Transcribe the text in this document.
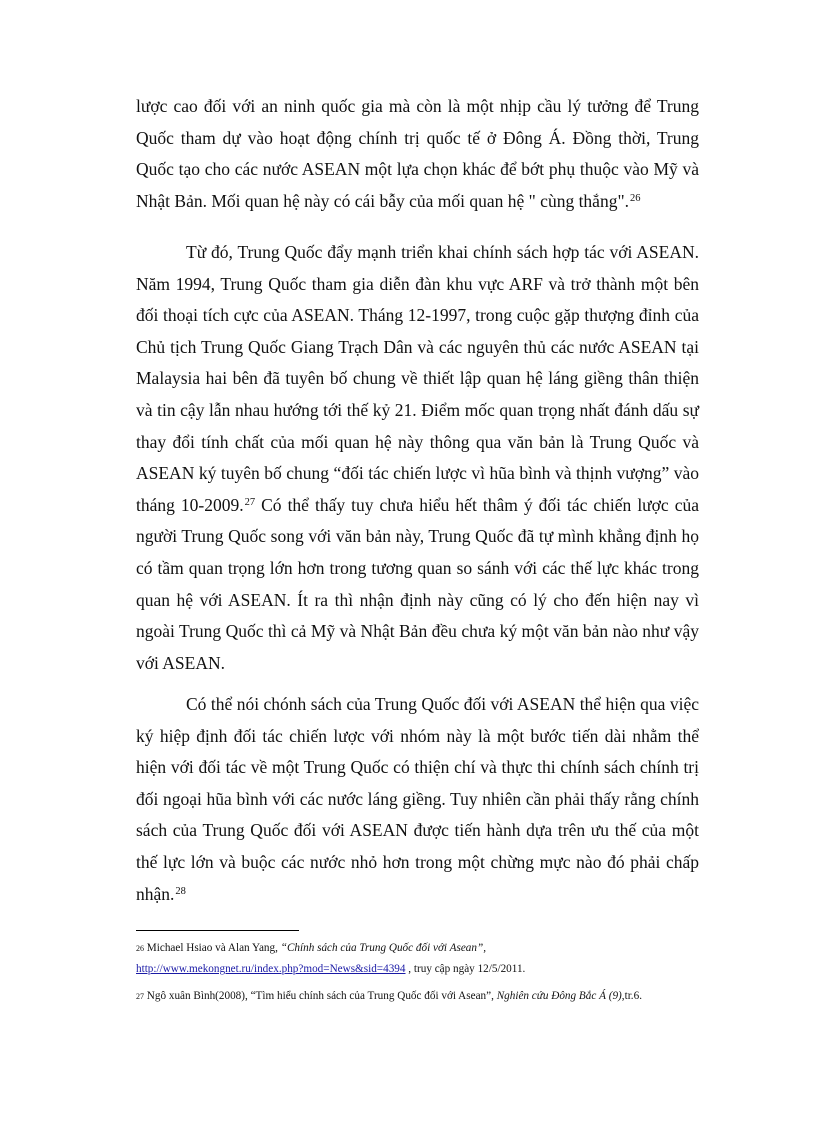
lược cao đối với an ninh quốc gia mà còn là một nhịp cầu lý tưởng để Trung Quốc tham dự vào hoạt động chính trị quốc tế ở Đông Á. Đồng thời, Trung Quốc tạo cho các nước ASEAN một lựa chọn khác để bớt phụ thuộc vào Mỹ và Nhật Bản. Mối quan hệ này có cái bẫy của mối quan hệ " cùng thắng".$^{26}$

Từ đó, Trung Quốc đẩy mạnh triển khai chính sách hợp tác với ASEAN. Năm 1994, Trung Quốc tham gia diễn đàn khu vực ARF và trở thành một bên đối thoại tích cực của ASEAN. Tháng 12-1997, trong cuộc gặp thượng đỉnh của Chủ tịch Trung Quốc Giang Trạch Dân và các nguyên thủ các nước ASEAN tại Malaysia hai bên đã tuyên bố chung về thiết lập quan hệ láng giềng thân thiện và tin cậy lẫn nhau hướng tới thế kỷ 21. Điểm mốc quan trọng nhất đánh dấu sự thay đổi tính chất của mối quan hệ này thông qua văn bản là Trung Quốc và ASEAN ký tuyên bố chung “đối tác chiến lược vì hũa bình và thịnh vượng” vào tháng 10-2009.27 Có thể thấy tuy chưa hiểu hết thâm ý đối tác chiến lược của người Trung Quốc song với văn bản này, Trung Quốc đã tự mình khẳng định họ có tầm quan trọng lớn hơn trong tương quan so sánh với các thế lực khác trong quan hệ với ASEAN. Ít ra thì nhận định này cũng có lý cho đến hiện nay vì ngoài Trung Quốc thì cả Mỹ và Nhật Bản đều chưa ký một văn bản nào như vậy với ASEAN.

Có thể nói chónh sách của Trung Quốc đối với ASEAN thể hiện qua việc ký hiệp định đối tác chiến lược với nhóm này là một bước tiến dài nhằm thể hiện với đối tác về một Trung Quốc có thiện chí và thực thi chính sách chính trị đối ngoại hũa bình với các nước láng giềng. Tuy nhiên cần phải thấy rằng chính sách của Trung Quốc đối với ASEAN được tiến hành dựa trên ưu thế của một thế lực lớn và buộc các nước nhỏ hơn trong một chừng mực nào đó phải chấp nhận.$^{28}$

26 Michael Hsiao và Alan Yang, “Chính sách của Trung Quốc đối với Asean”,
http://www.mekongnet.ru/index.php?mod=News&sid=4394 , truy cập ngày 12/5/2011.

27 Ngô xuân Bình(2008), “Tìm hiểu chính sách của Trung Quốc đối với Asean”, Nghiên cứu Đông Bắc Á (9),tr.6.
